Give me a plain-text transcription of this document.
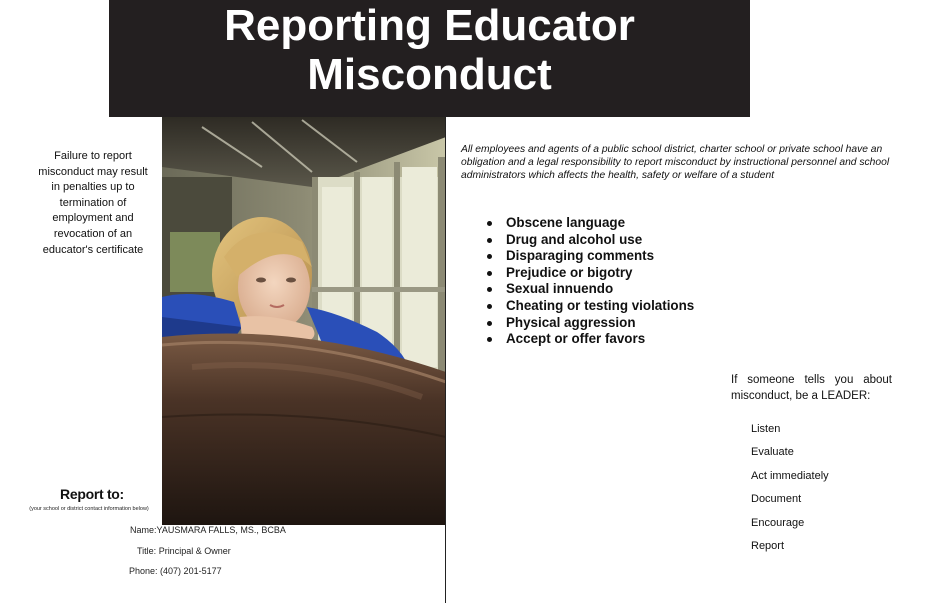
Reporting Educator
Misconduct
Failure to report
misconduct may result
in penalties up to
termination of
employment and
revocation of an
educator's certificate
Report to:
(your school or district contact information below)
Name:YAUSMARA FALLS, MS., BCBA
Title: Principal & Owner
Phone: (407) 201-5177
All employees and agents of a public school district, charter school or private school have an obligation and a legal responsibility to report misconduct by instructional personnel and school administrators which affects the health, safety or welfare of a student
Obscene language
Drug and alcohol use
Disparaging comments
Prejudice or bigotry
Sexual innuendo
Cheating or testing violations
Physical aggression
Accept or offer favors
If someone tells you about misconduct, be a LEADER:
Listen
Evaluate
Act immediately
Document
Encourage
Report
